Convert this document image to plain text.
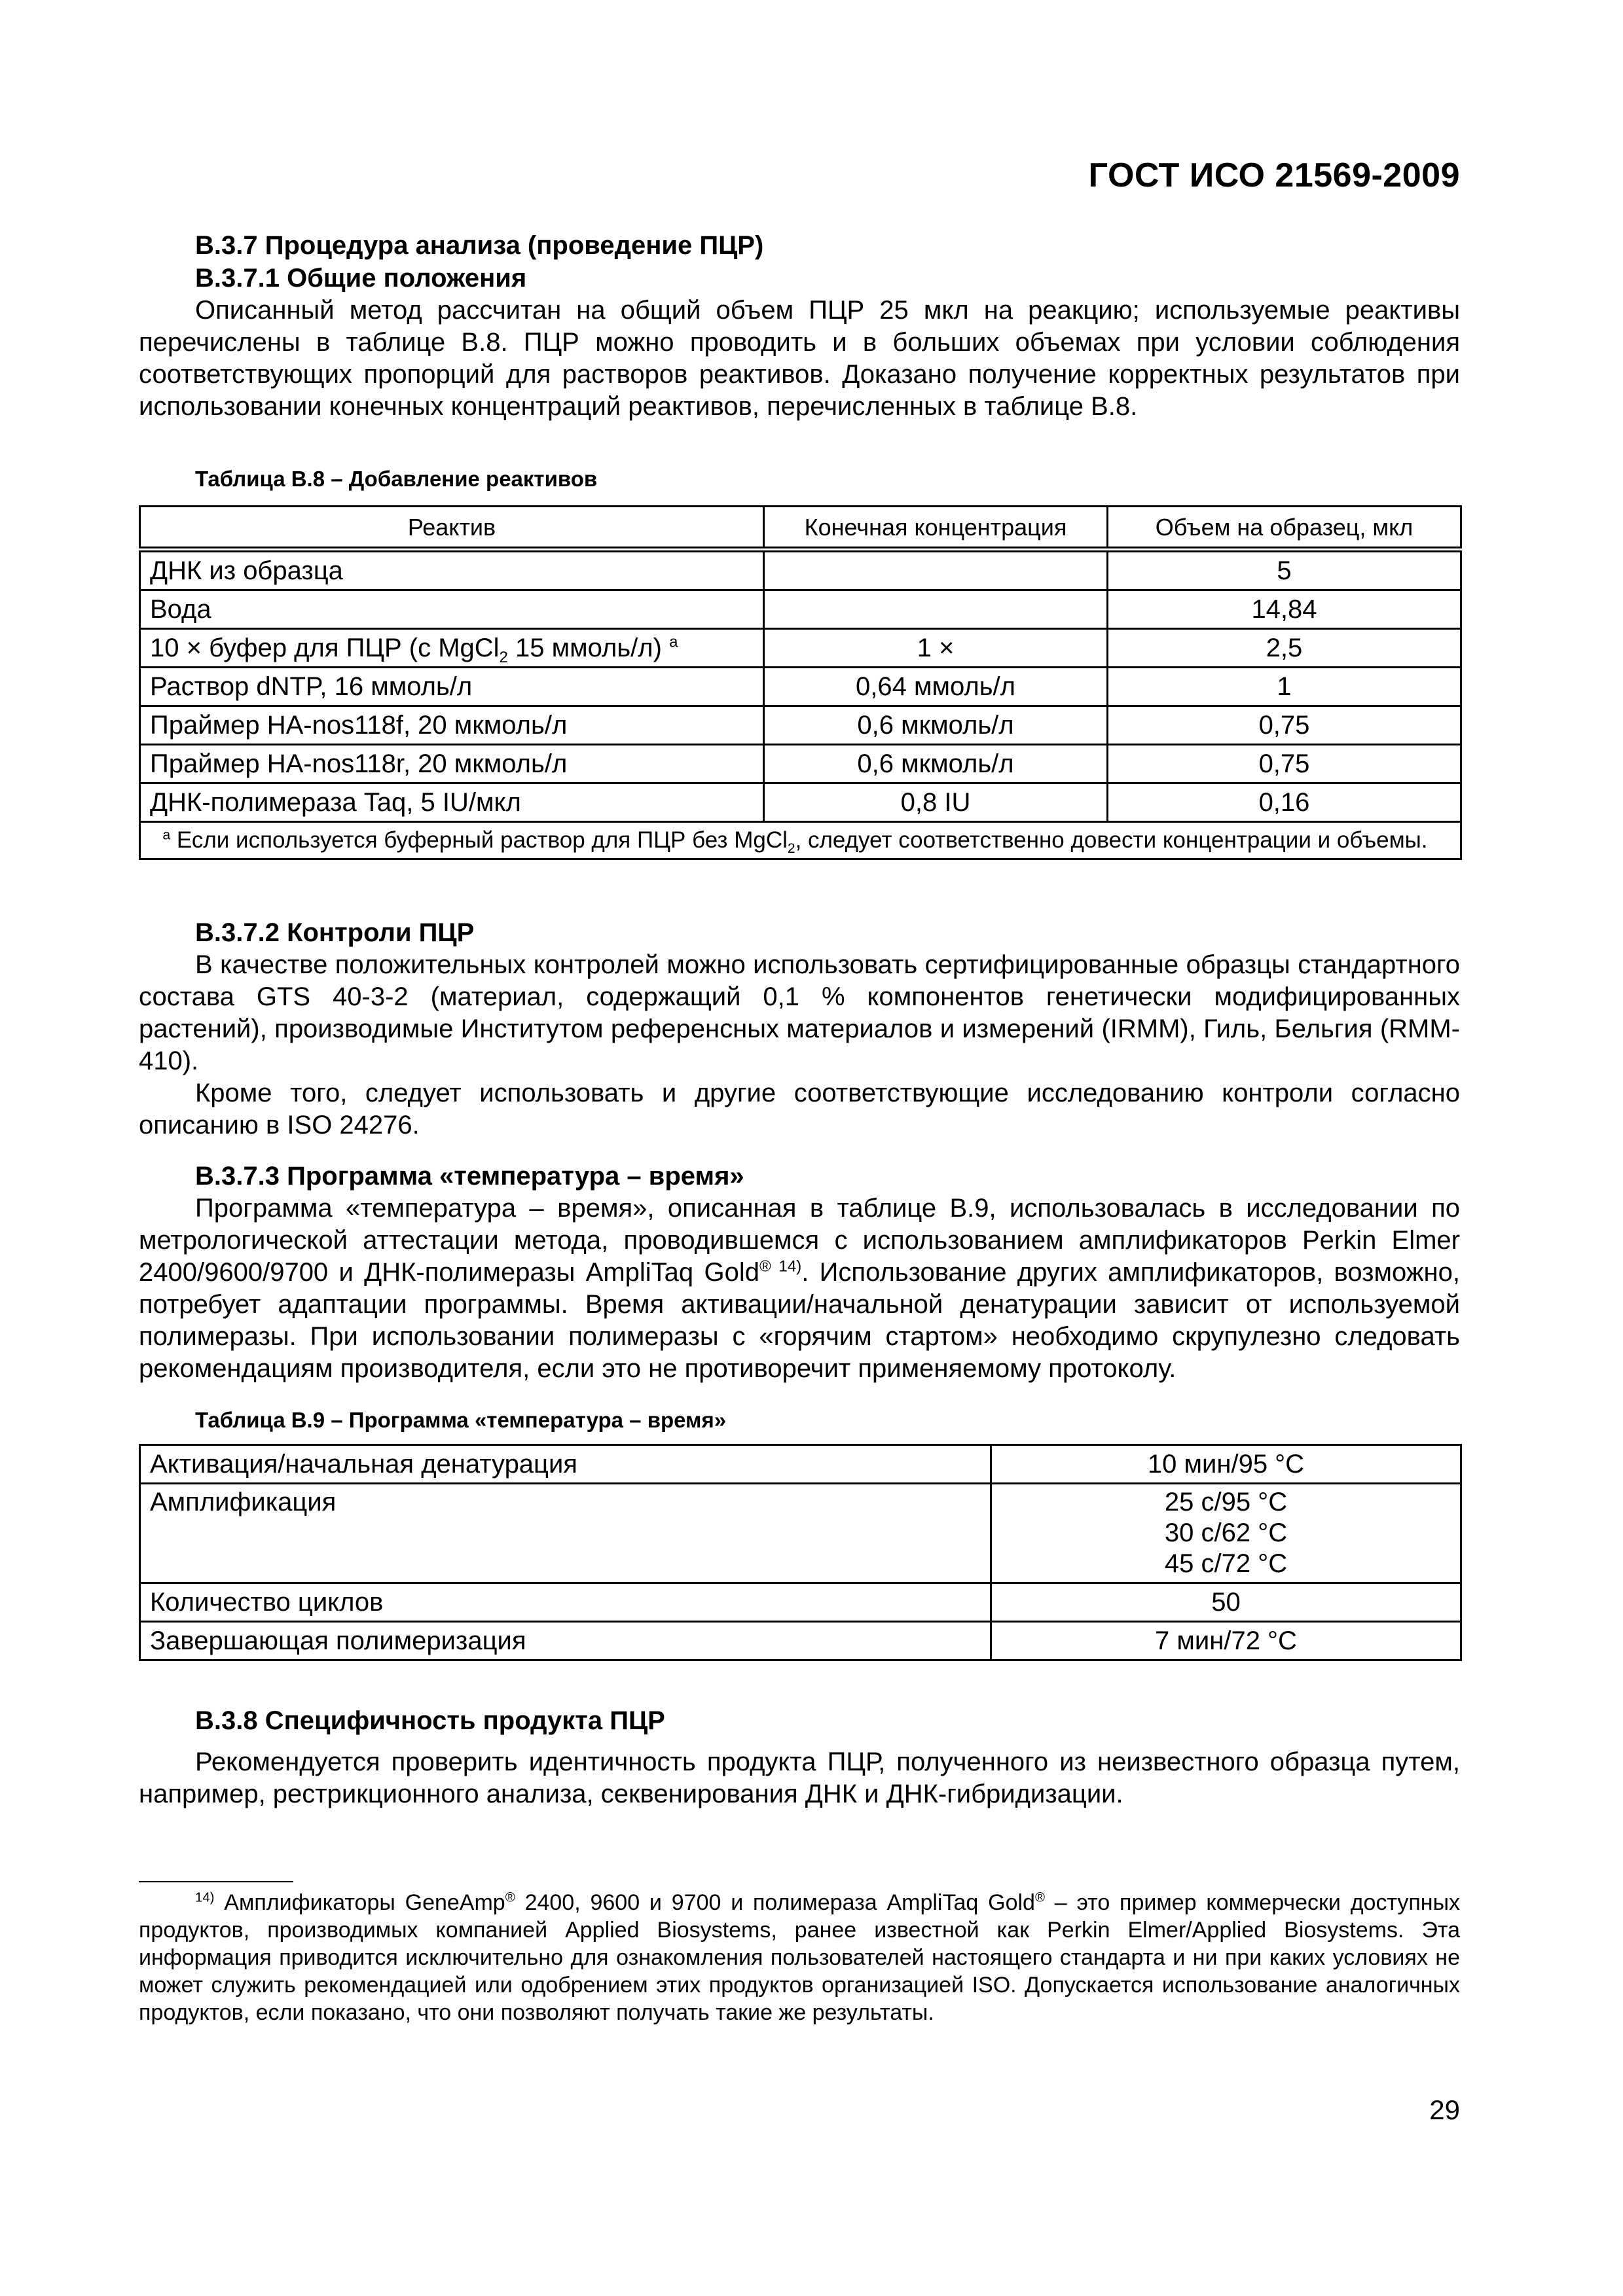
ГОСТ ИСО 21569-2009

В.3.7 Процедура анализа (проведение ПЦР)

В.3.7.1 Общие положения

Описанный метод рассчитан на общий объем ПЦР 25 мкл на реакцию; используемые реактивы перечислены в таблице В.8. ПЦР можно проводить и в больших объемах при условии соблюдения соответствующих пропорций для растворов реактивов. Доказано получение корректных результатов при использовании конечных концентраций реактивов, перечисленных в таблице В.8.

Таблица В.8 – Добавление реактивов
Реактив	Конечная концентрация	Объем на образец, мкл
ДНК из образца		5
Вода		14,84
10 × буфер для ПЦР (с MgCl$_2$ 15 ммоль/л) $^a$	1 ×	2,5
Раствор dNTP, 16 ммоль/л	0,64 ммоль/л	1
Праймер HA-nos118f, 20 мкмоль/л	0,6 мкмоль/л	0,75
Праймер HA-nos118r, 20 мкмоль/л	0,6 мкмоль/л	0,75
ДНК-полимераза Taq, 5 IU/мкл	0,8 IU	0,16
$^a$ Если используется буферный раствор для ПЦР без MgCl$_2$, следует соответственно довести концентрации и объемы.		

В.3.7.2 Контроли ПЦР

В качестве положительных контролей можно использовать сертифицированные образцы стандартного состава GTS 40-3-2 (материал, содержащий 0,1 % компонентов генетически модифицированных растений), производимые Институтом референсных материалов и измерений (IRMM), Гиль, Бельгия (RMM-410).

Кроме того, следует использовать и другие соответствующие исследованию контроли согласно описанию в ISO 24276.

В.3.7.3 Программа «температура – время»

Программа «температура – время», описанная в таблице В.9, использовалась в исследовании по метрологической аттестации метода, проводившемся с использованием амплификаторов Perkin Elmer 2400/9600/9700 и ДНК-полимеразы AmpliTaq Gold® $^{14)}$. Использование других амплификаторов, возможно, потребует адаптации программы. Время активации/начальной денатурации зависит от используемой полимеразы. При использовании полимеразы с «горячим стартом» необходимо скрупулезно следовать рекомендациям производителя, если это не противоречит применяемому протоколу.

Таблица В.9 – Программа «температура – время»
Активация/начальная денатурация	10 мин/95 °С
Амплификация	25 с/95 °С
30 с/62 °С
45 с/72 °С

Количество циклов	50
Завершающая полимеризация	7 мин/72 °С

В.3.8 Специфичность продукта ПЦР

Рекомендуется проверить идентичность продукта ПЦР, полученного из неизвестного образца путем, например, рестрикционного анализа, секвенирования ДНК и ДНК-гибридизации.

$^{14)}$ Амплификаторы GeneAmp® 2400, 9600 и 9700 и полимераза AmpliTaq Gold® – это пример коммерчески доступных продуктов, производимых компанией Applied Biosystems, ранее известной как Perkin Elmer/Applied Biosystems. Эта информация приводится исключительно для ознакомления пользователей настоящего стандарта и ни при каких условиях не может служить рекомендацией или одобрением этих продуктов организацией ISO. Допускается использование аналогичных продуктов, если показано, что они позволяют получать такие же результаты.

29
